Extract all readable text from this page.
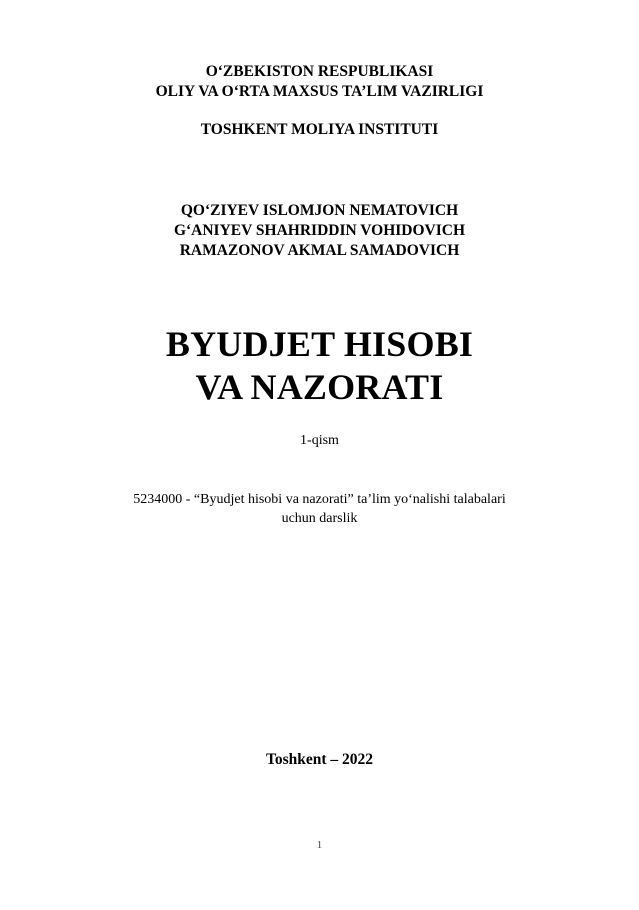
O‘ZBEKISTON RESPUBLIKASI
OLIY VA O‘RTA MAXSUS TA’LIM VAZIRLIGI
TOSHKENT MOLIYA INSTITUTI
QO‘ZIYEV ISLOMJON NEMATOVICH
G‘ANIYEV SHAHRIDDIN VOHIDOVICH
RAMAZONOV AKMAL SAMADOVICH
BYUDJET HISOBI
VA NAZORATI
1-qism
5234000 - “Byudjet hisobi va nazorati” ta’lim yo‘nalishi talabalari
uchun darslik
Toshkent – 2022
1
